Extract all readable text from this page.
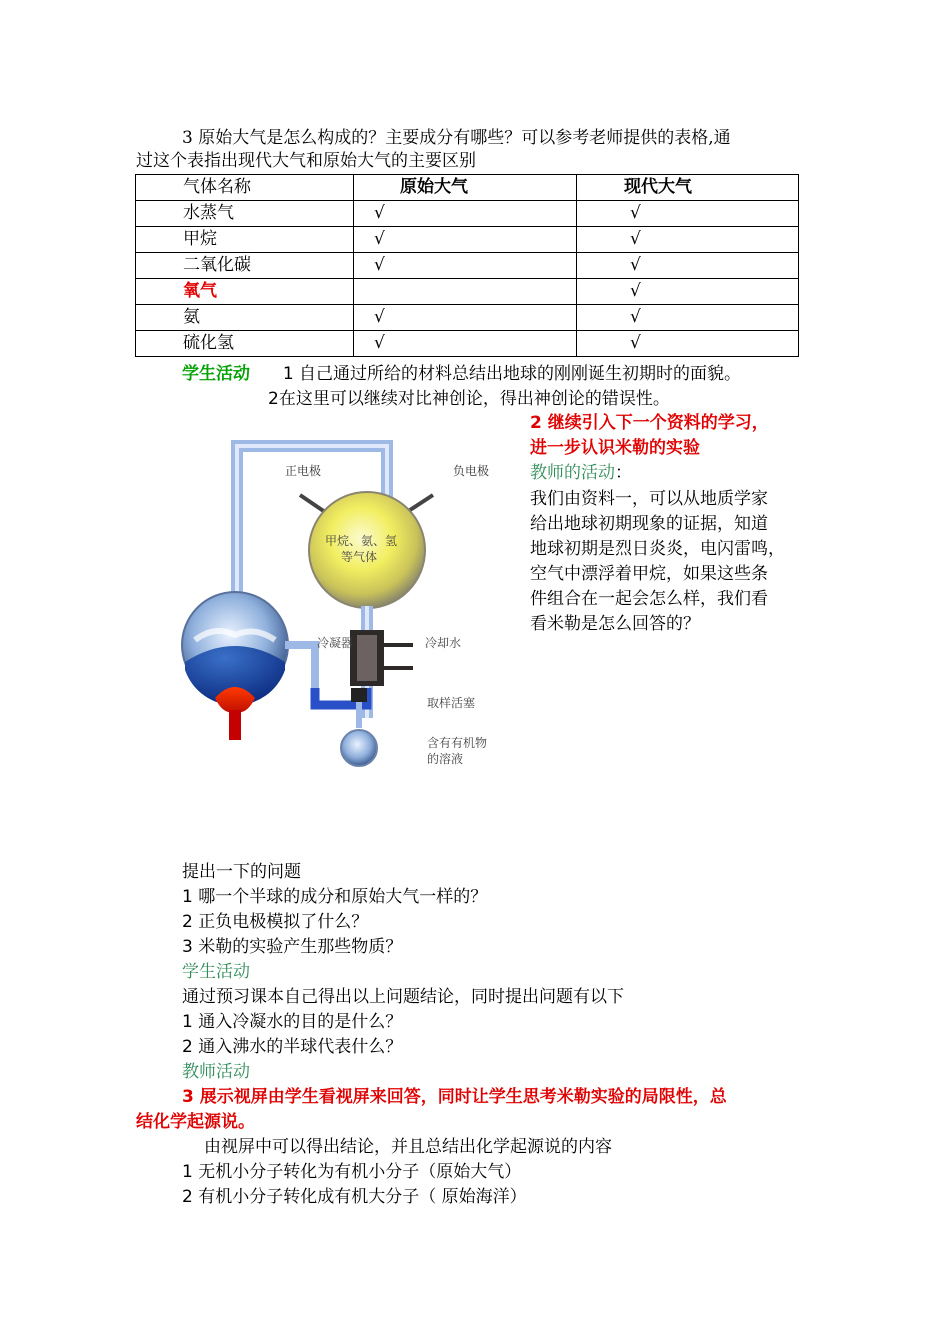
3 原始大气是怎么构成的？主要成分有哪些？可以参考老师提供的表格,通
过这个表指出现代大气和原始大气的主要区别
气体名称	原始大气	现代大气
水蒸气	√	√
甲烷	√	√
二氧化碳	√	√
氧气		√
氨	√	√
硫化氢	√	√
学生活动 1 自己通过所给的材料总结出地球的刚刚诞生初期时的面貌。
2在这里可以继续对比神创论，得出神创论的错误性。
2 继续引入下一个资料的学习，
进一步认识米勒的实验
教师的活动：
我们由资料一，可以从地质学家
给出地球初期现象的证据，知道
地球初期是烈日炎炎，电闪雷鸣，
空气中漂浮着甲烷，如果这些条
件组合在一起会怎么样，我们看
看米勒是怎么回答的？
正电极	负电极
甲烷、氨、氢
等气体
冷凝器	冷却水
取样活塞
含有有机物
的溶液
提出一下的问题
1 哪一个半球的成分和原始大气一样的？
2 正负电极模拟了什么？
3 米勒的实验产生那些物质？
学生活动
通过预习课本自己得出以上问题结论，同时提出问题有以下
1 通入冷凝水的目的是什么？
2 通入沸水的半球代表什么？
教师活动
3 展示视屏由学生看视屏来回答，同时让学生思考米勒实验的局限性，总
结化学起源说。
由视屏中可以得出结论，并且总结出化学起源说的内容
1 无机小分子转化为有机小分子（原始大气）
2 有机小分子转化成有机大分子（ 原始海洋）
